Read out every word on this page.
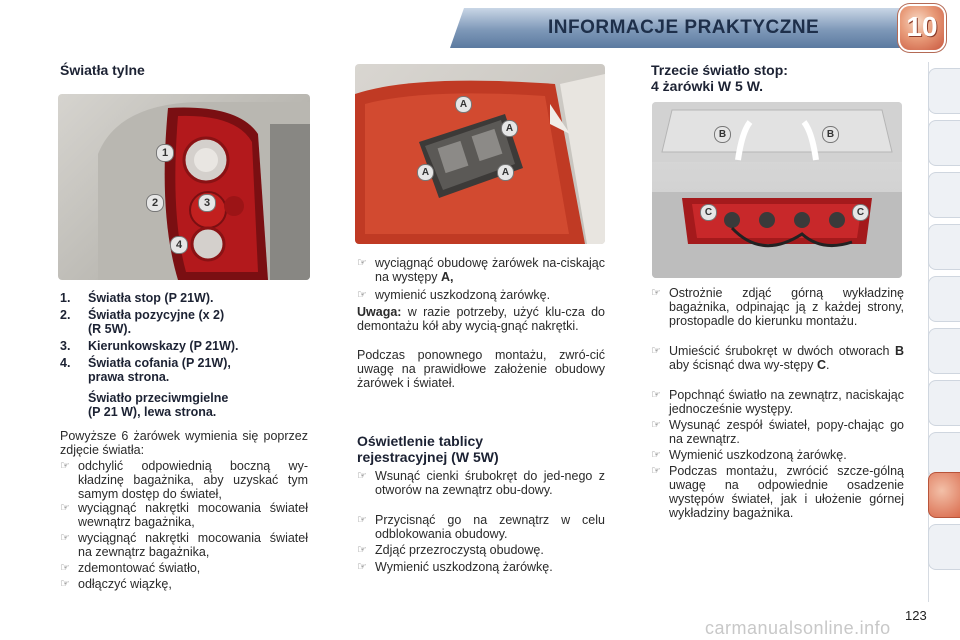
INFORMACJE PRAKTYCZNE	10
Światła tylne
1
2	3
4
1.	Światła stop (P 21W).
2.	Światła pozycyjne (x 2)
(R 5W).
3.	Kierunkowskazy (P 21W).
4.	Światła cofania (P 21W),
prawa strona.
Światło przeciwmgielne
(P 21 W), lewa strona.
Powyższe 6 żarówek wymienia się poprzez zdjęcie światła:
☞ odchylić odpowiednią boczną wy-kładzinę bagażnika, aby uzyskać tym samym dostęp do świateł,
☞ wyciągnąć nakrętki mocowania świateł wewnątrz bagażnika,
☞ wyciągnąć nakrętki mocowania świateł na zewnątrz bagażnika,
☞ zdemontować światło,
☞ odłączyć wiązkę,
A
A
A	A
☞ wyciągnąć obudowę żarówek na-ciskając na występy A,
☞ wymienić uszkodzoną żarówkę.
Uwaga: w razie potrzeby, użyć klu-cza do demontażu kół aby wycią-gnąć nakrętki.
Podczas ponownego montażu, zwró-cić uwagę na prawidłowe założenie obudowy żarówek i świateł.
Oświetlenie tablicy
rejestracyjnej (W 5W)
☞ Wsunąć cienki śrubokręt do jed-nego z otworów na zewnątrz obu-dowy.
☞ Przycisnąć go na zewnątrz w celu odblokowania obudowy.
☞ Zdjąć przezroczystą obudowę.
☞ Wymienić uszkodzoną żarówkę.
Trzecie światło stop:
4 żarówki W 5 W.
B	B
C	C
☞ Ostrożnie zdjąć górną wykładzinę bagażnika, odpinając ją z każdej strony, prostopadle do kierunku montażu.
☞ Umieścić śrubokręt w dwóch otworach B aby ścisnąć dwa wy-stępy C.
☞ Popchnąć światło na zewnątrz, naciskając jednocześnie występy.
☞ Wysunąć zespół świateł, popy-chając go na zewnątrz.
☞ Wymienić uszkodzoną żarówkę.
☞ Podczas montażu, zwrócić szcze-gólną uwagę na odpowiednie osadzenie występów świateł, jak i ułożenie górnej wykładziny bagażnika.
carmanualsonline.info
123
